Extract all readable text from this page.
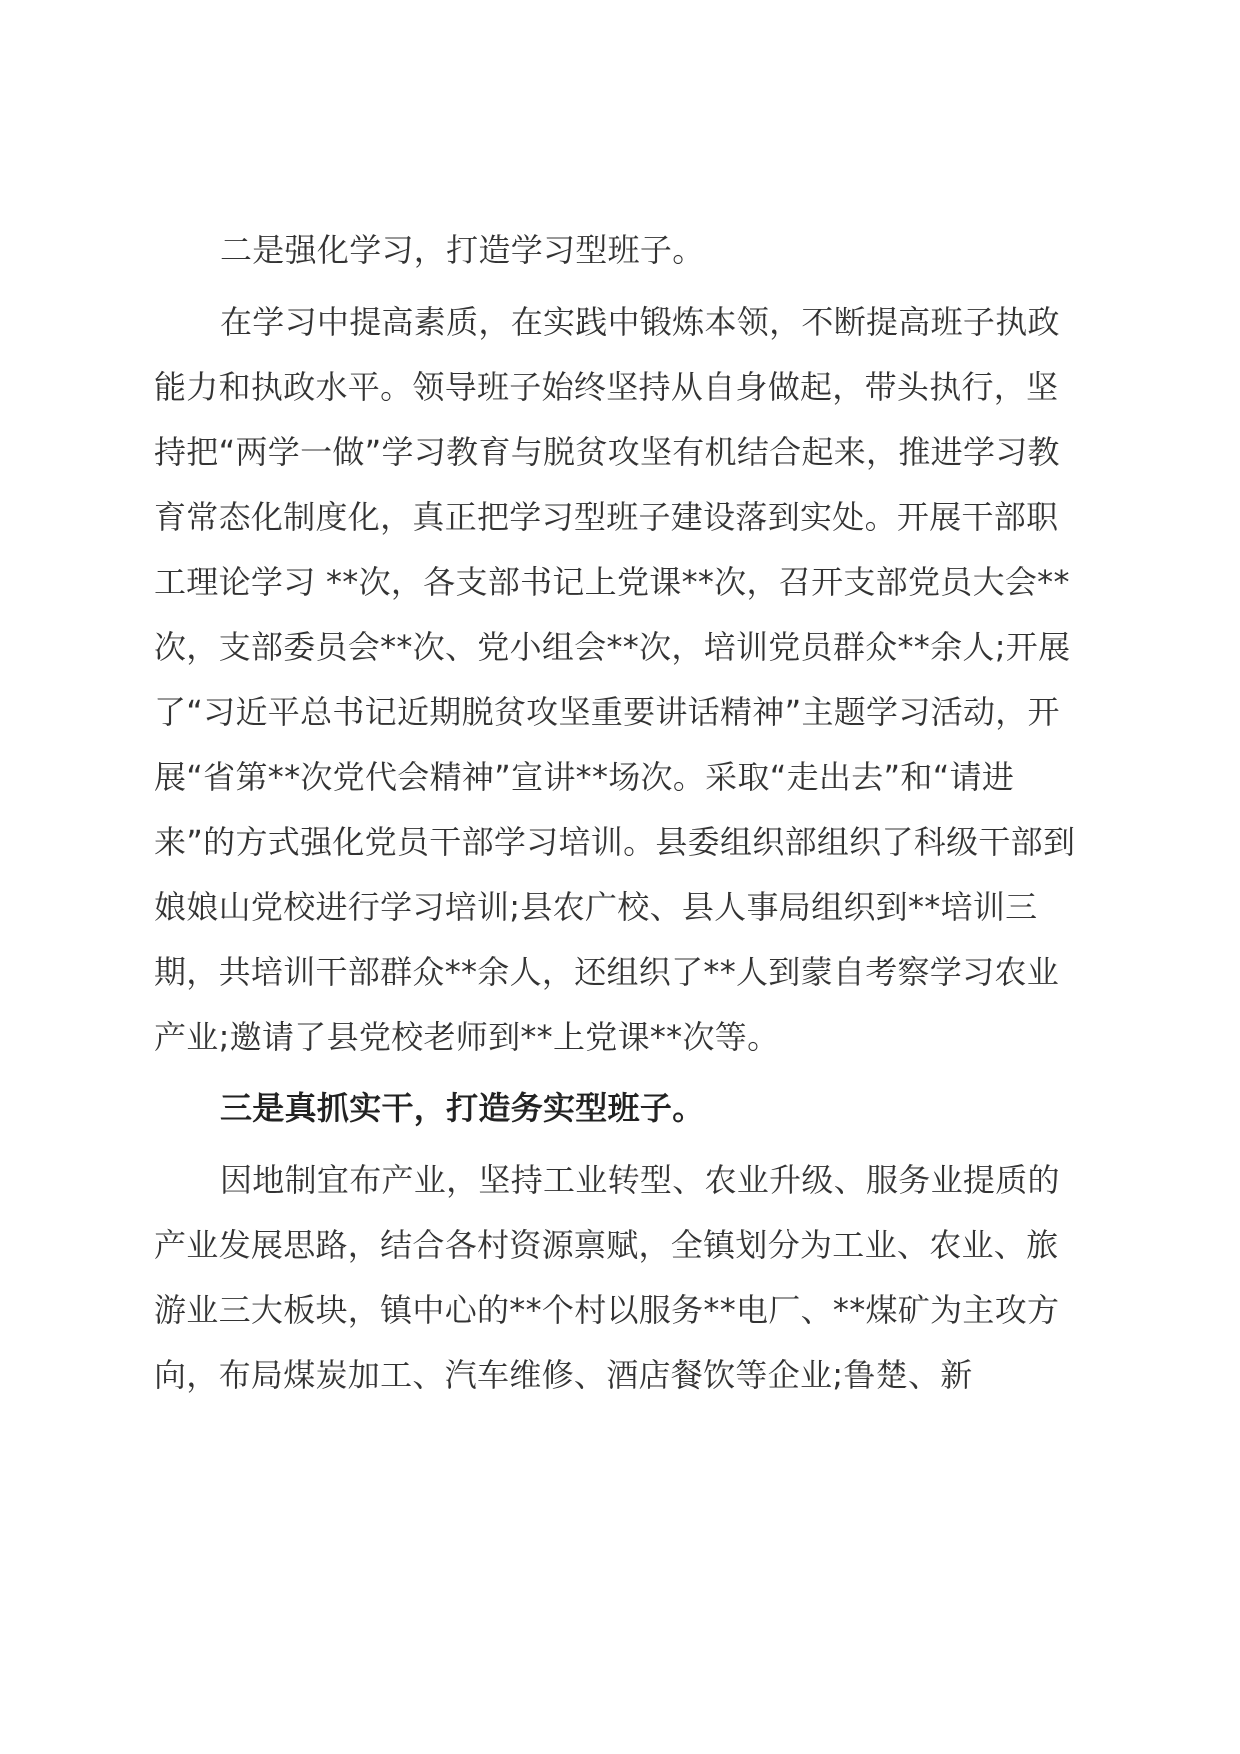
二是强化学习，打造学习型班子。

在学习中提高素质，在实践中锻炼本领，不断提高班子执政能力和执政水平。领导班子始终坚持从自身做起，带头执行，坚持把“两学一做”学习教育与脱贫攻坚有机结合起来，推进学习教育常态化制度化，真正把学习型班子建设落到实处。开展干部职工理论学习 **次，各支部书记上党课**次，召开支部党员大会**次，支部委员会**次、党小组会**次，培训党员群众**余人;开展了“习近平总书记近期脱贫攻坚重要讲话精神”主题学习活动，开展“省第**次党代会精神”宣讲**场次。采取“走出去”和“请进来”的方式强化党员干部学习培训。县委组织部组织了科级干部到娘娘山党校进行学习培训;县农广校、县人事局组织到**培训三期，共培训干部群众**余人，还组织了**人到蒙自考察学习农业产业;邀请了县党校老师到**上党课**次等。

三是真抓实干，打造务实型班子。

因地制宜布产业，坚持工业转型、农业升级、服务业提质的产业发展思路，结合各村资源禀赋，全镇划分为工业、农业、旅游业三大板块，镇中心的**个村以服务**电厂、**煤矿为主攻方向，布局煤炭加工、汽车维修、酒店餐饮等企业;鲁楚、新
